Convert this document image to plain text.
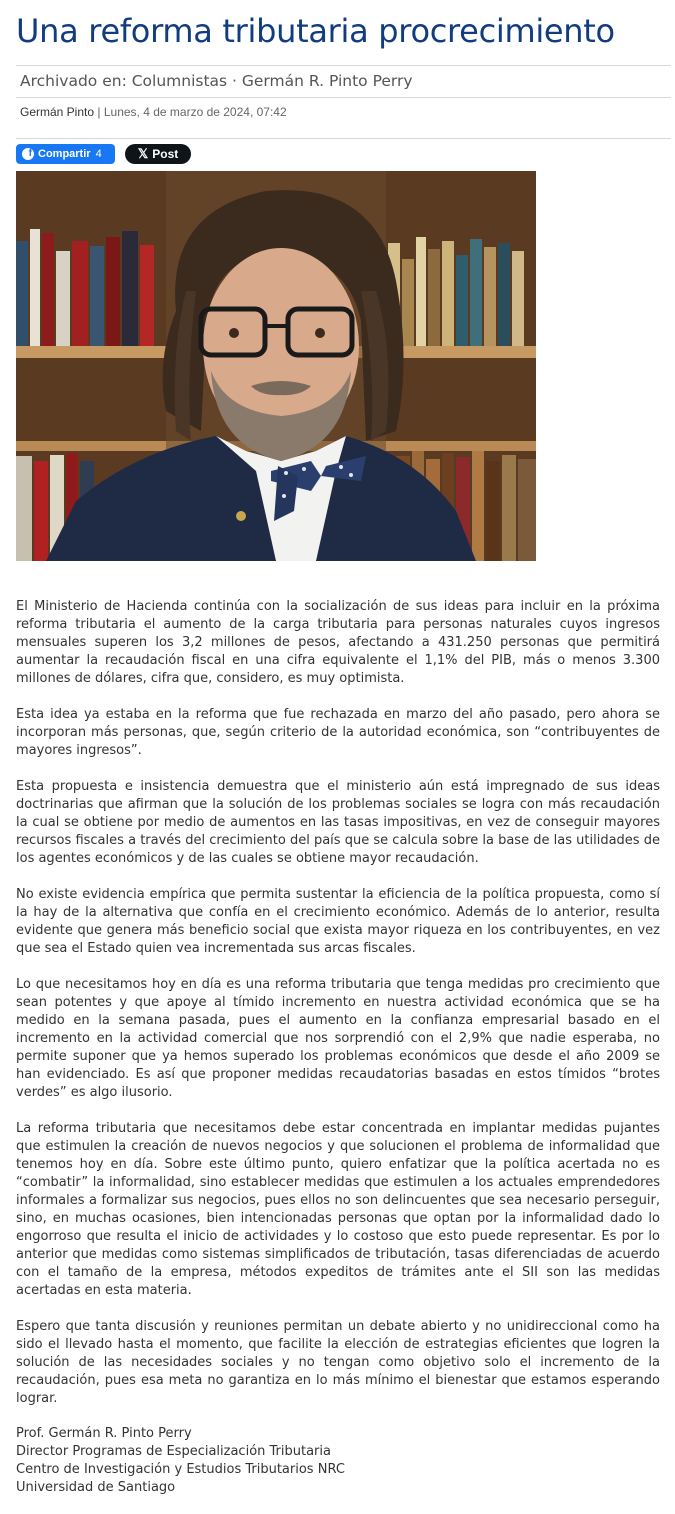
Una reforma tributaria procrecimiento
Archivado en: Columnistas · Germán R. Pinto Perry
Germán Pinto | Lunes, 4 de marzo de 2024, 07:42
f Compartir 4	𝕏 Post

El Ministerio de Hacienda continúa con la socialización de sus ideas para incluir en la próxima reforma tributaria el aumento de la carga tributaria para personas naturales cuyos ingresos mensuales superen los 3,2 millones de pesos, afectando a 431.250 personas que permitirá aumentar la recaudación fiscal en una cifra equivalente el 1,1% del PIB, más o menos 3.300 millones de dólares, cifra que, considero, es muy optimista.

Esta idea ya estaba en la reforma que fue rechazada en marzo del año pasado, pero ahora se incorporan más personas, que, según criterio de la autoridad económica, son “contribuyentes de mayores ingresos”.

Esta propuesta e insistencia demuestra que el ministerio aún está impregnado de sus ideas doctrinarias que afirman que la solución de los problemas sociales se logra con más recaudación la cual se obtiene por medio de aumentos en las tasas impositivas, en vez de conseguir mayores recursos fiscales a través del crecimiento del país que se calcula sobre la base de las utilidades de los agentes económicos y de las cuales se obtiene mayor recaudación.

No existe evidencia empírica que permita sustentar la eficiencia de la política propuesta, como sí la hay de la alternativa que confía en el crecimiento económico. Además de lo anterior, resulta evidente que genera más beneficio social que exista mayor riqueza en los contribuyentes, en vez que sea el Estado quien vea incrementada sus arcas fiscales.

Lo que necesitamos hoy en día es una reforma tributaria que tenga medidas pro crecimiento que sean potentes y que apoye al tímido incremento en nuestra actividad económica que se ha medido en la semana pasada, pues el aumento en la confianza empresarial basado en el incremento en la actividad comercial que nos sorprendió con el 2,9% que nadie esperaba, no permite suponer que ya hemos superado los problemas económicos que desde el año 2009 se han evidenciado. Es así que proponer medidas recaudatorias basadas en estos tímidos “brotes verdes” es algo ilusorio.

La reforma tributaria que necesitamos debe estar concentrada en implantar medidas pujantes que estimulen la creación de nuevos negocios y que solucionen el problema de informalidad que tenemos hoy en día. Sobre este último punto, quiero enfatizar que la política acertada no es “combatir” la informalidad, sino establecer medidas que estimulen a los actuales emprendedores informales a formalizar sus negocios, pues ellos no son delincuentes que sea necesario perseguir, sino, en muchas ocasiones, bien intencionadas personas que optan por la informalidad dado lo engorroso que resulta el inicio de actividades y lo costoso que esto puede representar. Es por lo anterior que medidas como sistemas simplificados de tributación, tasas diferenciadas de acuerdo con el tamaño de la empresa, métodos expeditos de trámites ante el SII son las medidas acertadas en esta materia.

Espero que tanta discusión y reuniones permitan un debate abierto y no unidireccional como ha sido el llevado hasta el momento, que facilite la elección de estrategias eficientes que logren la solución de las necesidades sociales y no tengan como objetivo solo el incremento de la recaudación, pues esa meta no garantiza en lo más mínimo el bienestar que estamos esperando lograr.

Prof. Germán R. Pinto Perry
Director Programas de Especialización Tributaria
Centro de Investigación y Estudios Tributarios NRC
Universidad de Santiago
